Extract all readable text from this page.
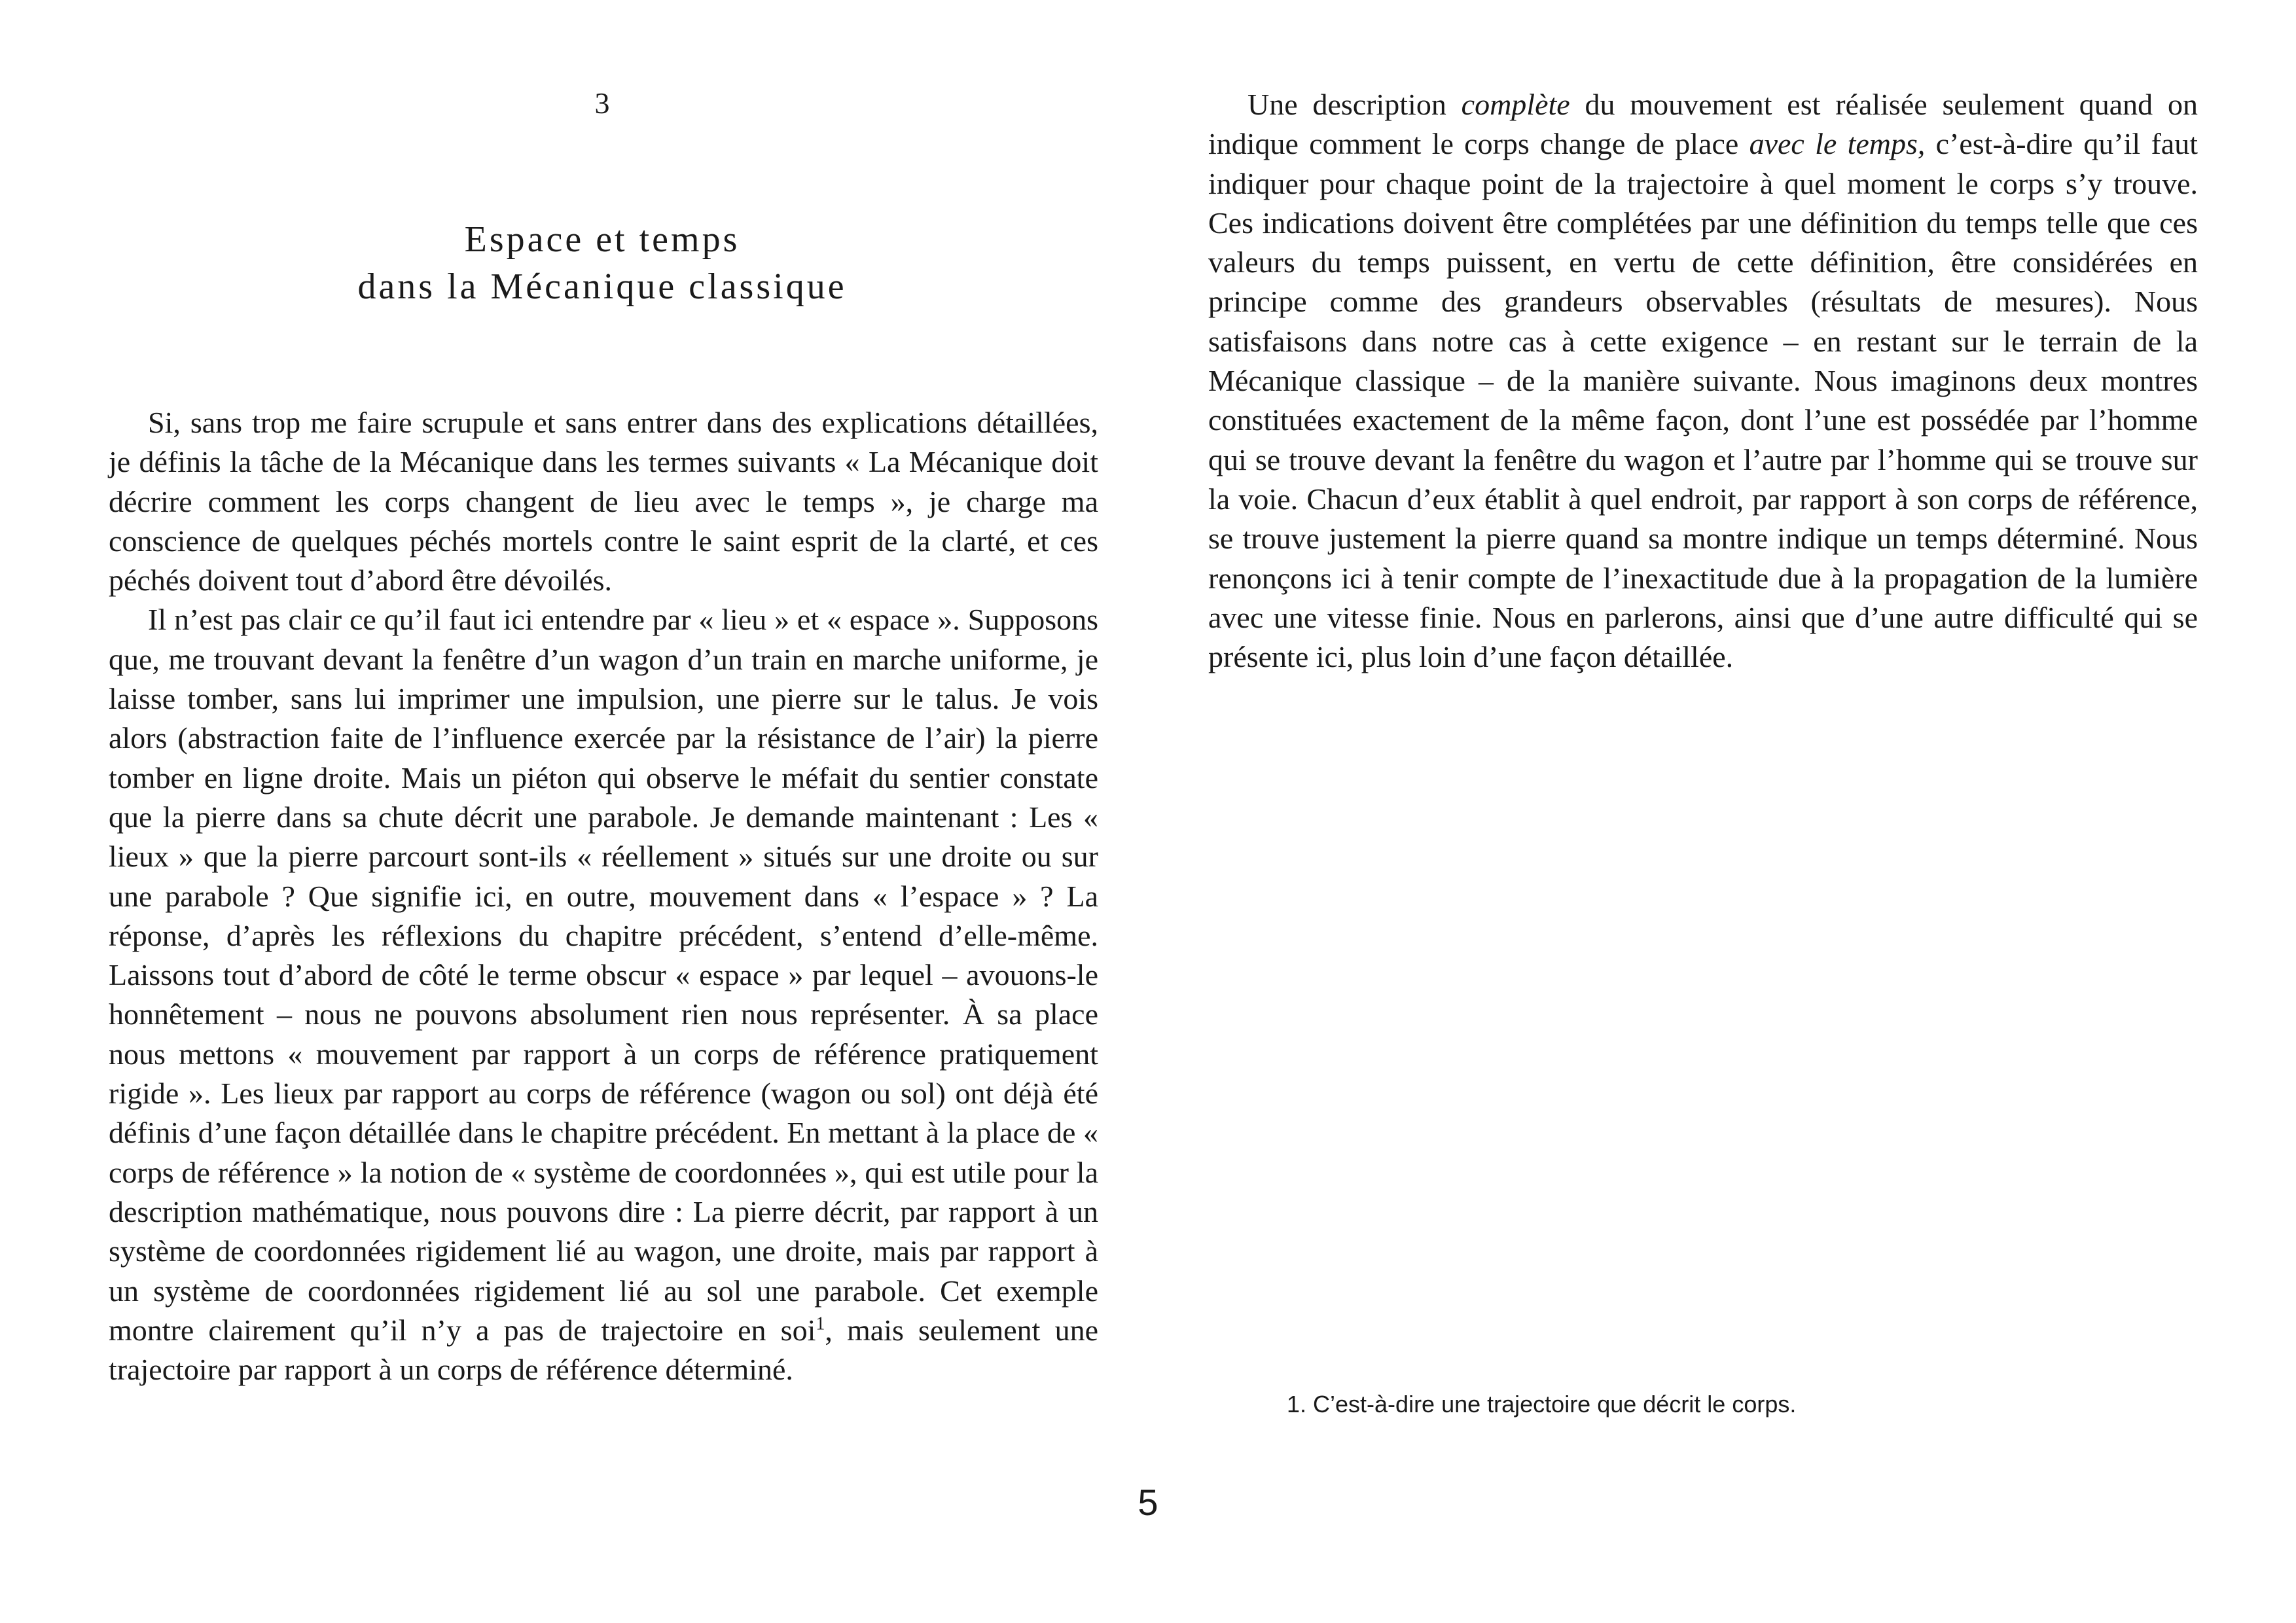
3
Espace et temps
dans la Mécanique classique

Si, sans trop me faire scrupule et sans entrer dans des explications détaillées, je définis la tâche de la Mécanique dans les termes suivants « La Mécanique doit décrire comment les corps changent de lieu avec le temps », je charge ma conscience de quelques péchés mortels contre le saint esprit de la clarté, et ces péchés doivent tout d’abord être dévoilés.

Il n’est pas clair ce qu’il faut ici entendre par « lieu » et « espace ». Supposons que, me trouvant devant la fenêtre d’un wagon d’un train en marche uniforme, je laisse tomber, sans lui imprimer une impulsion, une pierre sur le talus. Je vois alors (abstraction faite de l’influence exercée par la résistance de l’air) la pierre tomber en ligne droite. Mais un piéton qui observe le méfait du sentier constate que la pierre dans sa chute décrit une parabole. Je demande maintenant : Les « lieux » que la pierre parcourt sont-ils « réellement » situés sur une droite ou sur une parabole ? Que signifie ici, en outre, mouvement dans « l’espace » ? La réponse, d’après les réflexions du chapitre précédent, s’entend d’elle-même. Laissons tout d’abord de côté le terme obscur « espace » par lequel – avouons-le honnêtement – nous ne pouvons absolument rien nous représenter. À sa place nous mettons « mouvement par rapport à un corps de référence pratiquement rigide ». Les lieux par rapport au corps de référence (wagon ou sol) ont déjà été définis d’une façon détaillée dans le chapitre précédent. En mettant à la place de « corps de référence » la notion de « système de coordonnées », qui est utile pour la description mathématique, nous pouvons dire : La pierre décrit, par rapport à un système de coordonnées rigidement lié au wagon, une droite, mais par rapport à un système de coordonnées rigidement lié au sol une parabole. Cet exemple montre clairement qu’il n’y a pas de trajectoire en soi$^1$, mais seulement une trajectoire par rapport à un corps de référence déterminé.

Une description complète du mouvement est réalisée seulement quand on indique comment le corps change de place avec le temps, c’est-à-dire qu’il faut indiquer pour chaque point de la trajectoire à quel moment le corps s’y trouve. Ces indications doivent être complétées par une définition du temps telle que ces valeurs du temps puissent, en vertu de cette définition, être considérées en principe comme des grandeurs observables (résultats de mesures). Nous satisfaisons dans notre cas à cette exigence – en restant sur le terrain de la Mécanique classique – de la manière suivante. Nous imaginons deux montres constituées exactement de la même façon, dont l’une est possédée par l’homme qui se trouve devant la fenêtre du wagon et l’autre par l’homme qui se trouve sur la voie. Chacun d’eux établit à quel endroit, par rapport à son corps de référence, se trouve justement la pierre quand sa montre indique un temps déterminé. Nous renonçons ici à tenir compte de l’inexactitude due à la propagation de la lumière avec une vitesse finie. Nous en parlerons, ainsi que d’une autre difficulté qui se présente ici, plus loin d’une façon détaillée.

1. C’est-à-dire une trajectoire que décrit le corps.
5
